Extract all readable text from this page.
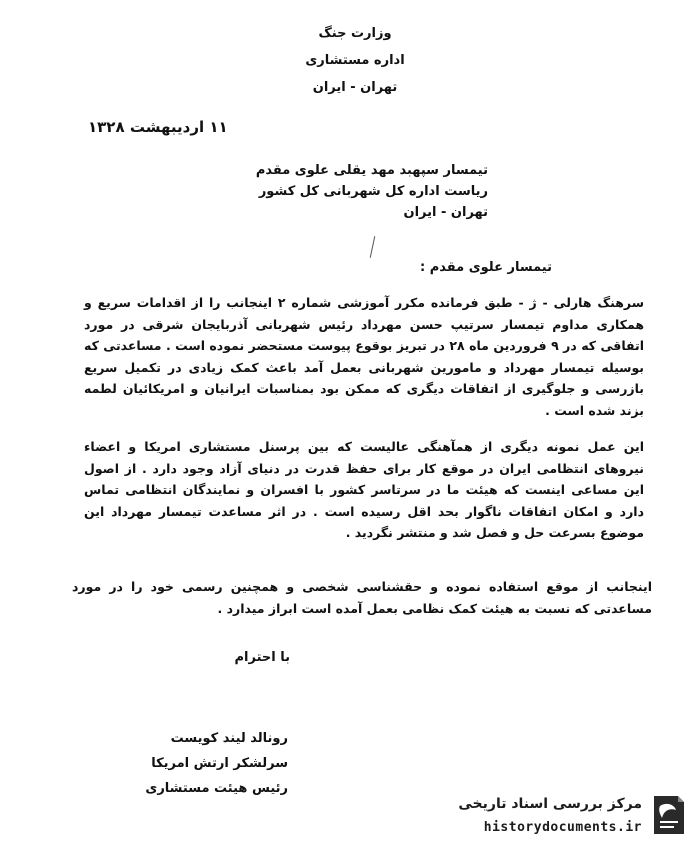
وزارت جنگ
اداره مستشاری
تهران - ایران
۱۱ اردیبهشت ۱۳۲۸
تیمسار سپهبد مهد یقلی علوی مقدم
ریاست اداره کل شهربانی کل کشور
تهران - ایران
تیمسار علوی مقدم :

سرهنگ هارلی - ژ - طبق فرمانده مکرر آموزشی شماره ۲ اینجانب را از اقدامات سریع و همکاری مداوم تیمسار سرتیپ حسن مهرداد رئیس شهربانی آذربایجان شرقی در مورد اتفاقی که در ۹ فروردین ماه ۲۸ در تبریز بوقوع پیوست مستحضر نموده است . مساعدتی که بوسیله تیمسار مهرداد و مامورین شهربانی بعمل آمد باعث کمک زیادی در تکمیل سریع بازرسی و جلوگیری از اتفاقات دیگری که ممکن بود بمناسبات ایرانیان و امریکائیان لطمه بزند شده است .

این عمل نمونه دیگری از همآهنگی عالیست که بین پرسنل مستشاری امریکا و اعضاء نیروهای انتظامی ایران در موقع کار برای حفظ قدرت در دنیای آزاد وجود دارد . از اصول این مساعی اینست که هیئت ما در سرتاسر کشور با افسران و نمایندگان انتظامی تماس دارد و امکان اتفاقات ناگوار بحد اقل رسیده است . در اثر مساعدت تیمسار مهرداد این موضوع بسرعت حل و فصل شد و منتشر نگردید .

اینجانب از موقع استفاده نموده و حقشناسی شخصی و همچنین رسمی خود را در مورد مساعدتی که نسبت به هیئت کمک نظامی بعمل آمده است ابراز میدارد .

با احترام
رونالد لیند کویست
سرلشکر ارتش امریکا
رئیس هیئت مستشاری
مرکز بررسی اسناد تاریخی
historydocuments.ir
